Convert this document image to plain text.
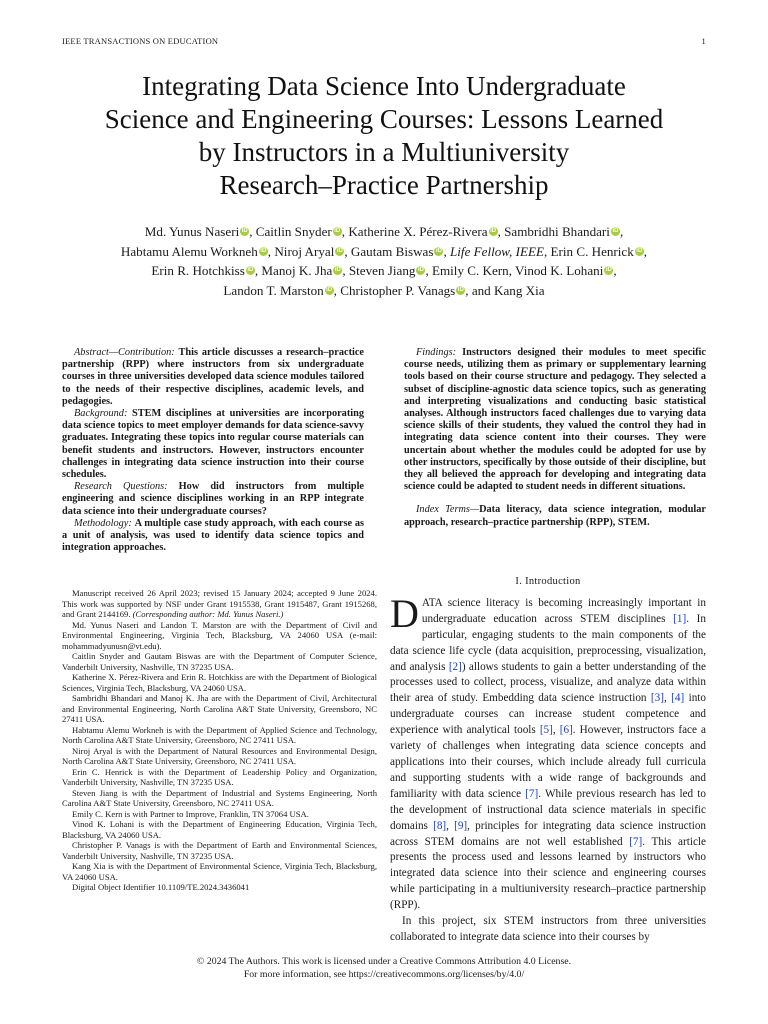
IEEE TRANSACTIONS ON EDUCATION	1
Integrating Data Science Into Undergraduate
Science and Engineering Courses: Lessons Learned
by Instructors in a Multiuniversity
Research–Practice Partnership
Md. Yunus Naseri iD , Caitlin Snyder iD , Katherine X. Pérez-Rivera iD , Sambridhi Bhandari iD ,
Habtamu Alemu Workneh iD , Niroj Aryal iD , Gautam Biswas iD , Life Fellow, IEEE, Erin C. Henrick iD ,
Erin R. Hotchkiss iD , Manoj K. Jha iD , Steven Jiang iD , Emily C. Kern, Vinod K. Lohani iD ,
Landon T. Marston iD , Christopher P. Vanags iD , and Kang Xia

Abstract—Contribution: This article discusses a research–practice partnership (RPP) where instructors from six undergraduate courses in three universities developed data science modules tailored to the needs of their respective disciplines, academic levels, and pedagogies.

Background: STEM disciplines at universities are incorporating data science topics to meet employer demands for data science-savvy graduates. Integrating these topics into regular course materials can benefit students and instructors. However, instructors encounter challenges in integrating data science instruction into their course schedules.

Research Questions: How did instructors from multiple engineering and science disciplines working in an RPP integrate data science into their undergraduate courses?

Methodology: A multiple case study approach, with each course as a unit of analysis, was used to identify data science topics and integration approaches.

Findings: Instructors designed their modules to meet specific course needs, utilizing them as primary or supplementary learning tools based on their course structure and pedagogy. They selected a subset of discipline-agnostic data science topics, such as generating and interpreting visualizations and conducting basic statistical analyses. Although instructors faced challenges due to varying data science skills of their students, they valued the control they had in integrating data science content into their courses. They were uncertain about whether the modules could be adopted for use by other instructors, specifically by those outside of their discipline, but they all believed the approach for developing and integrating data science could be adapted to student needs in different situations.

Index Terms—Data literacy, data science integration, modular approach, research–practice partnership (RPP), STEM.

Manuscript received 26 April 2023; revised 15 January 2024; accepted 9 June 2024. This work was supported by NSF under Grant 1915538, Grant 1915487, Grant 1915268, and Grant 2144169. (Corresponding author: Md. Yunus Naseri.)

Md. Yunus Naseri and Landon T. Marston are with the Department of Civil and Environmental Engineering, Virginia Tech, Blacksburg, VA 24060 USA (e-mail: mohammadyunusn@vt.edu).

Caitlin Snyder and Gautam Biswas are with the Department of Computer Science, Vanderbilt University, Nashville, TN 37235 USA.

Katherine X. Pérez-Rivera and Erin R. Hotchkiss are with the Department of Biological Sciences, Virginia Tech, Blacksburg, VA 24060 USA.

Sambridhi Bhandari and Manoj K. Jha are with the Department of Civil, Architectural and Environmental Engineering, North Carolina A&T State University, Greensboro, NC 27411 USA.

Habtamu Alemu Workneh is with the Department of Applied Science and Technology, North Carolina A&T State University, Greensboro, NC 27411 USA.

Niroj Aryal is with the Department of Natural Resources and Environmental Design, North Carolina A&T State University, Greensboro, NC 27411 USA.

Erin C. Henrick is with the Department of Leadership Policy and Organization, Vanderbilt University, Nashville, TN 37235 USA.

Steven Jiang is with the Department of Industrial and Systems Engineering, North Carolina A&T State University, Greensboro, NC 27411 USA.

Emily C. Kern is with Partner to Improve, Franklin, TN 37064 USA.

Vinod K. Lohani is with the Department of Engineering Education, Virginia Tech, Blacksburg, VA 24060 USA.

Christopher P. Vanags is with the Department of Earth and Environmental Sciences, Vanderbilt University, Nashville, TN 37235 USA.

Kang Xia is with the Department of Environmental Science, Virginia Tech, Blacksburg, VA 24060 USA.

Digital Object Identifier 10.1109/TE.2024.3436041

I. Introduction

DATA science literacy is becoming increasingly important in undergraduate education across STEM disciplines [1]. In particular, engaging students to the main components of the data science life cycle (data acquisition, preprocessing, visualization, and analysis [2]) allows students to gain a better understanding of the processes used to collect, process, visualize, and analyze data within their area of study. Embedding data science instruction [3], [4] into undergraduate courses can increase student competence and experience with analytical tools [5], [6]. However, instructors face a variety of challenges when integrating data science concepts and applications into their courses, which include already full curricula and supporting students with a wide range of backgrounds and familiarity with data science [7]. While previous research has led to the development of instructional data science materials in specific domains [8], [9], principles for integrating data science instruction across STEM domains are not well established [7]. This article presents the process used and lessons learned by instructors who integrated data science into their science and engineering courses while participating in a multiuniversity research–practice partnership (RPP).

In this project, six STEM instructors from three universities collaborated to integrate data science into their courses by

© 2024 The Authors. This work is licensed under a Creative Commons Attribution 4.0 License.
For more information, see https://creativecommons.org/licenses/by/4.0/
